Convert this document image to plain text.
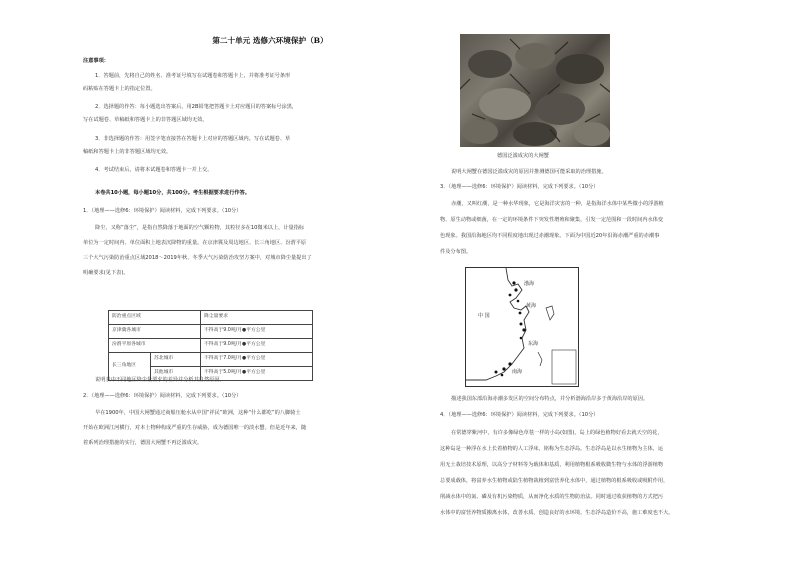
第二十单元 选修六环境保护（B）
注意事项：
1．答题前，先将自己的姓名、准考证号填写在试题卷和答题卡上，并将准考证号条形
码粘贴在答题卡上的指定位置。
2．选择题的作答：每小题选出答案后，用2B铅笔把答题卡上对应题目的答案标号涂黑，
写在试题卷、草稿纸和答题卡上的非答题区域均无效。
3．非选择题的作答：用签字笔直接答在答题卡上对应的答题区域内。写在试题卷、草
稿纸和答题卡上的非答题区域均无效。
4．考试结束后，请将本试题卷和答题卡一并上交。
本卷共10小题，每小题10分，共100分。考生根据要求进行作答。
1．（地理——选修6：环境保护）阅读材料，完成下列要求。（10分）
降尘，又称“落尘”，是指自然降落于地面的空气颗粒物，其粒径多在10微米以上，计量指标
单位为一定时间内、单位面积上地表沉降物的重量。在京津冀及周边地区、长三角地区、汾渭平原
三个大气污染防治重点区域2018～2019年秋、冬季大气污染防治攻坚方案中，对城市降尘量提出了
明确要求(见下表)。
防治重点区域		降尘量要求
京津冀各城市		不得高于9.0吨/月●平方公里
汾渭平原各城市		不得高于9.0吨/月●平方公里
长三角地区	苏北城市	不得高于7.0吨/月●平方公里
	其他城市	不得高于5.0吨/月●平方公里
说明表中不同地区降尘量要求的差异并分析其自然原因。
2．（地理——选修6：环境保护）阅读材料，完成下列要求。（10分）
早在1900年，中国大闸蟹通过商船压舱水从中国“祥民”欧洲，这种“什么都吃”的八脚骑士
开始在欧洲江河横行，对本土物种构成严重的生存威胁，成为德国唯一的淡水蟹。但是近年来，随
着系列治理措施的实行，德国大闸蟹不再泛滥成灾。
德国泛滥成灾的大闸蟹
说明大闸蟹在德国泛滥成灾的原因并推测德国可能采取的治理措施。
3．（地理——选修6：环境保护）阅读材料，完成下列要求。（10分）
赤潮，又叫红潮，是一种水华现象，它是海洋灾害的一种，是指海洋水体中某些微小的浮游植
物、原生动物或细菌，在一定的环境条件下突发性增殖和聚集，引发一定范围和一段时间内水体变
色现象。我国沿海地区均不同程度地出现过赤潮现象。下面为中国近20年沿海赤潮严重的赤潮事
件及分布图。
渤海
黄海
中 国
东海
南海
描述我国东部沿海赤潮多发区的空间分布特点，并分析渤海沿岸多于黄海沿岸的原因。
4．（地理——选修6：环境保护）阅读材料，完成下列要求。（10分）
在常德穿紫河中，有许多像绿色草毯一样的小岛(如图)，岛上的绿色植物好看去就天空的花，
这种岛是一种浮在水上长着植物的人工浮床，铭称为生态浮岛。生态浮岛是以水生植物为主体，运
用无土栽培技术原理，以高分子材料等为载体和基质，利用植物根系吸收微生物与水体的浮游植物
总要成载体，将富养水生植物或陆生植物栽植到富营养化水体中，通过植物的根系吸收或吸附作用，
削减水体中的氮、磷及有机污染物质，从而净化水质的生物防治法。同时通过收获植物的方式把污
水体中的富营养物质搬离水体，改善水质，创造良好的水环境。生态浮岛造价不高，施工难度也不大。
